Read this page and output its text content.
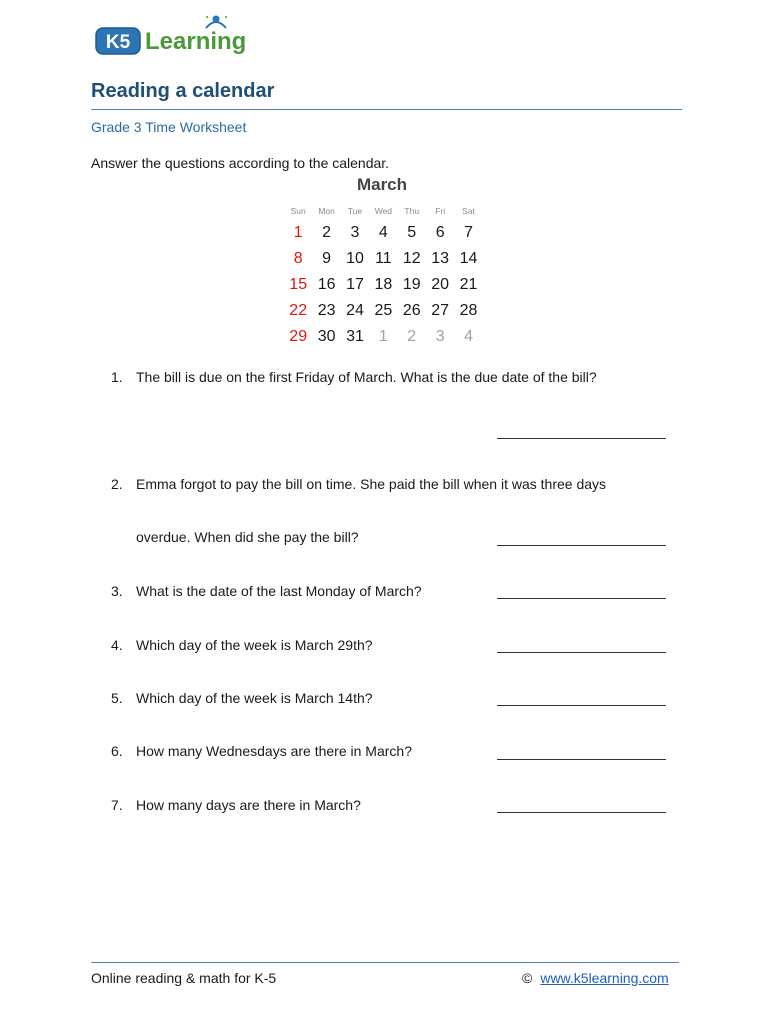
K5 Learning
Reading a calendar
Grade 3 Time Worksheet
Answer the questions according to the calendar.
March
Sun	Mon	Tue	Wed	Thu	Fri	Sat
1	2	3	4	5	6	7
8	9 10 11 12 13 14
15 16 17 18 19 20 21
22 23 24 25 26 27 28
29 30 31 1	2	3	4
1. The bill is due on the first Friday of March. What is the due date of the bill?
2. Emma forgot to pay the bill on time. She paid the bill when it was three days
overdue. When did she pay the bill?
3. What is the date of the last Monday of March?
4. Which day of the week is March 29th?
5. Which day of the week is March 14th?
6. How many Wednesdays are there in March?
7. How many days are there in March?
Online reading & math for K-5	© www.k5learning.com
